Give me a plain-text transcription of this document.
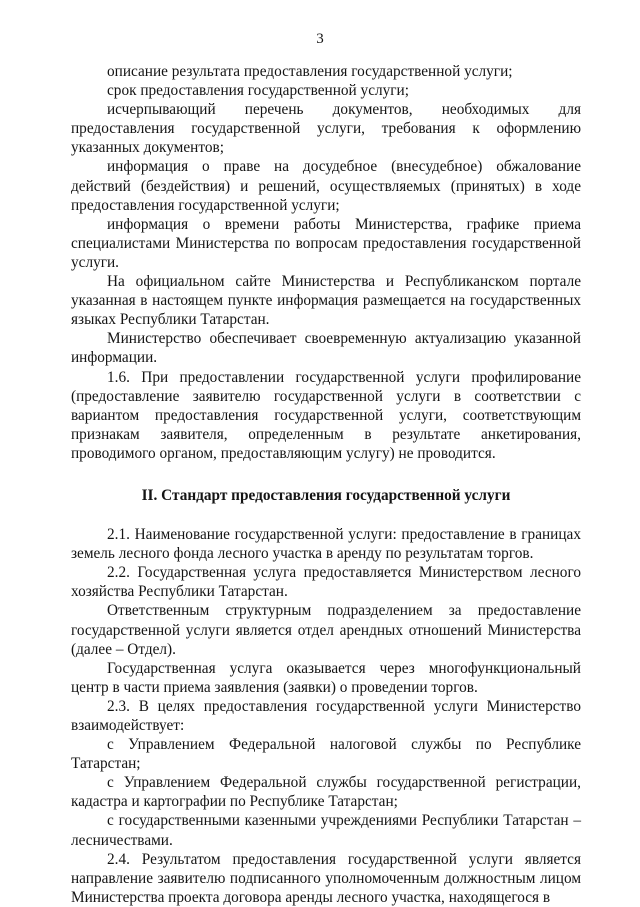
3

описание результата предоставления государственной услуги;

срок предоставления государственной услуги;

исчерпывающий перечень документов, необходимых для предоставления государственной услуги, требования к оформлению указанных документов;

информация о праве на досудебное (внесудебное) обжалование действий (бездействия) и решений, осуществляемых (принятых) в ходе предоставления государственной услуги;

информация о времени работы Министерства, графике приема специалистами Министерства по вопросам предоставления государственной услуги.

На официальном сайте Министерства и Республиканском портале указанная в настоящем пункте информация размещается на государственных языках Республики Татарстан.

Министерство обеспечивает своевременную актуализацию указанной информации.

1.6. При предоставлении государственной услуги профилирование (предоставление заявителю государственной услуги в соответствии с вариантом предоставления государственной услуги, соответствующим признакам заявителя, определенным в результате анкетирования, проводимого органом, предоставляющим услугу) не проводится.

II. Стандарт предоставления государственной услуги

2.1. Наименование государственной услуги: предоставление в границах земель лесного фонда лесного участка в аренду по результатам торгов.

2.2. Государственная услуга предоставляется Министерством лесного хозяйства Республики Татарстан.

Ответственным структурным подразделением за предоставление государственной услуги является отдел арендных отношений Министерства (далее – Отдел).

Государственная услуга оказывается через многофункциональный центр в части приема заявления (заявки) о проведении торгов.

2.3. В целях предоставления государственной услуги Министерство взаимодействует:

с Управлением Федеральной налоговой службы по Республике Татарстан;

с Управлением Федеральной службы государственной регистрации, кадастра и картографии по Республике Татарстан;

с государственными казенными учреждениями Республики Татарстан – лесничествами.

2.4. Результатом предоставления государственной услуги является направление заявителю подписанного уполномоченным должностным лицом Министерства проекта договора аренды лесного участка, находящегося в
